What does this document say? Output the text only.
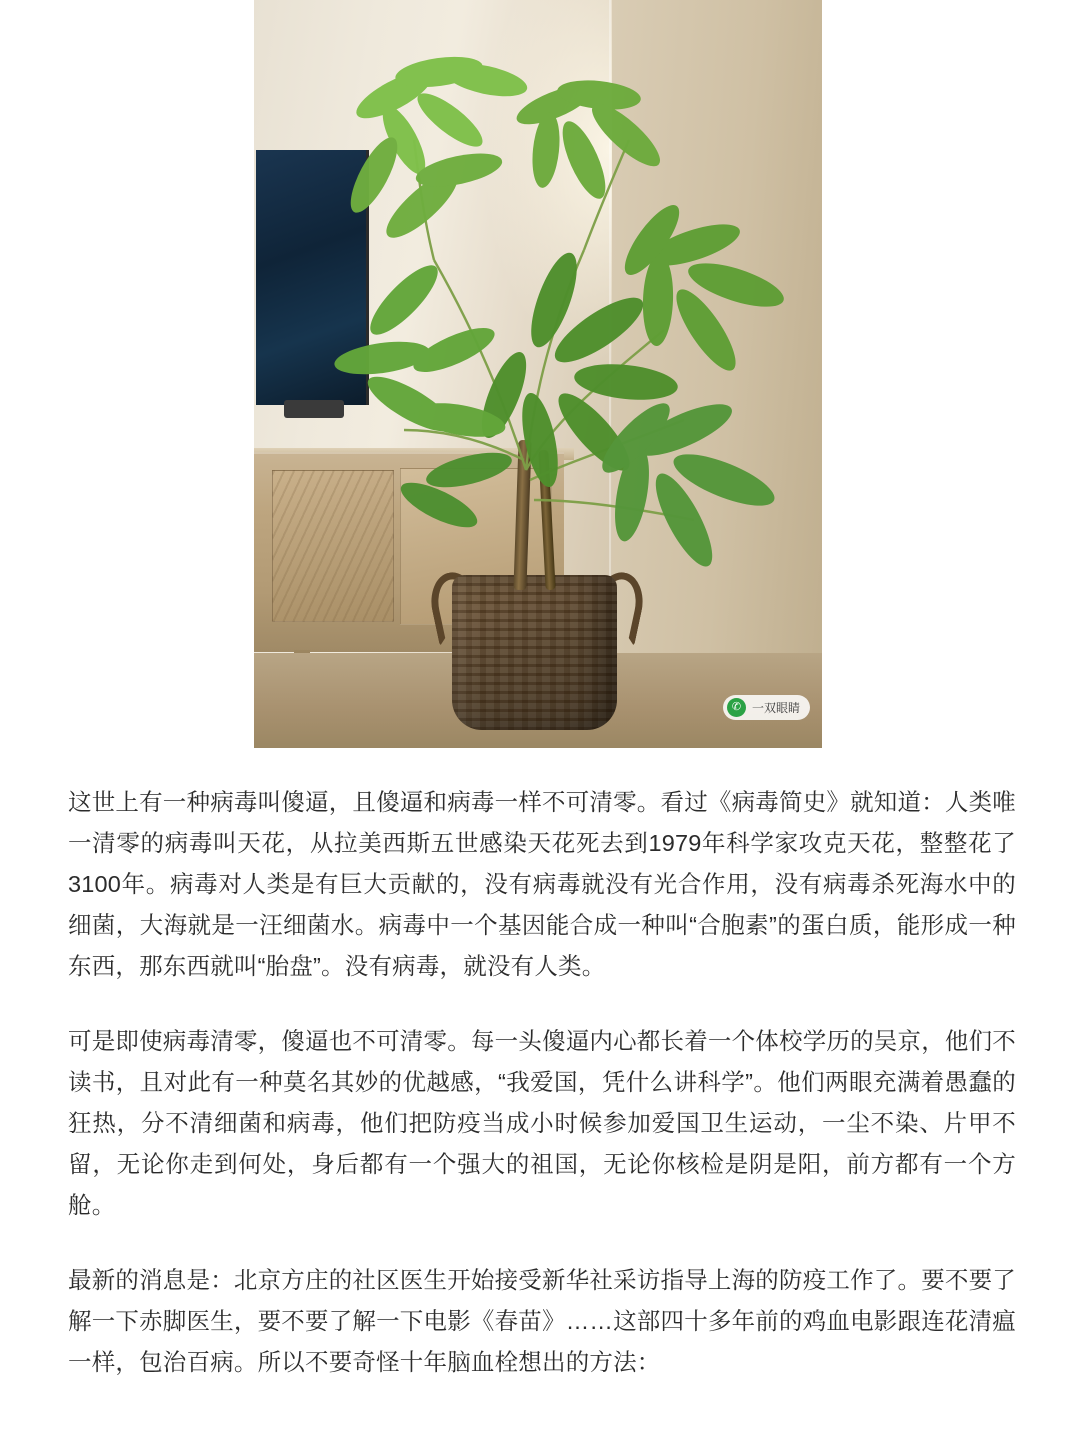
✆ 一双眼睛

这世上有一种病毒叫傻逼，且傻逼和病毒一样不可清零。看过《病毒简史》就知道：人类唯一清零的病毒叫天花，从拉美西斯五世感染天花死去到1979年科学家攻克天花，整整花了3100年。病毒对人类是有巨大贡献的，没有病毒就没有光合作用，没有病毒杀死海水中的细菌，大海就是一汪细菌水。病毒中一个基因能合成一种叫“合胞素”的蛋白质，能形成一种东西，那东西就叫“胎盘”。没有病毒，就没有人类。

可是即使病毒清零，傻逼也不可清零。每一头傻逼内心都长着一个体校学历的吴京，他们不读书，且对此有一种莫名其妙的优越感，“我爱国，凭什么讲科学”。他们两眼充满着愚蠢的狂热，分不清细菌和病毒，他们把防疫当成小时候参加爱国卫生运动，一尘不染、片甲不留，无论你走到何处，身后都有一个强大的祖国，无论你核检是阴是阳，前方都有一个方舱。

最新的消息是：北京方庄的社区医生开始接受新华社采访指导上海的防疫工作了。要不要了解一下赤脚医生，要不要了解一下电影《春苗》……这部四十多年前的鸡血电影跟连花清瘟一样，包治百病。所以不要奇怪十年脑血栓想出的方法：
